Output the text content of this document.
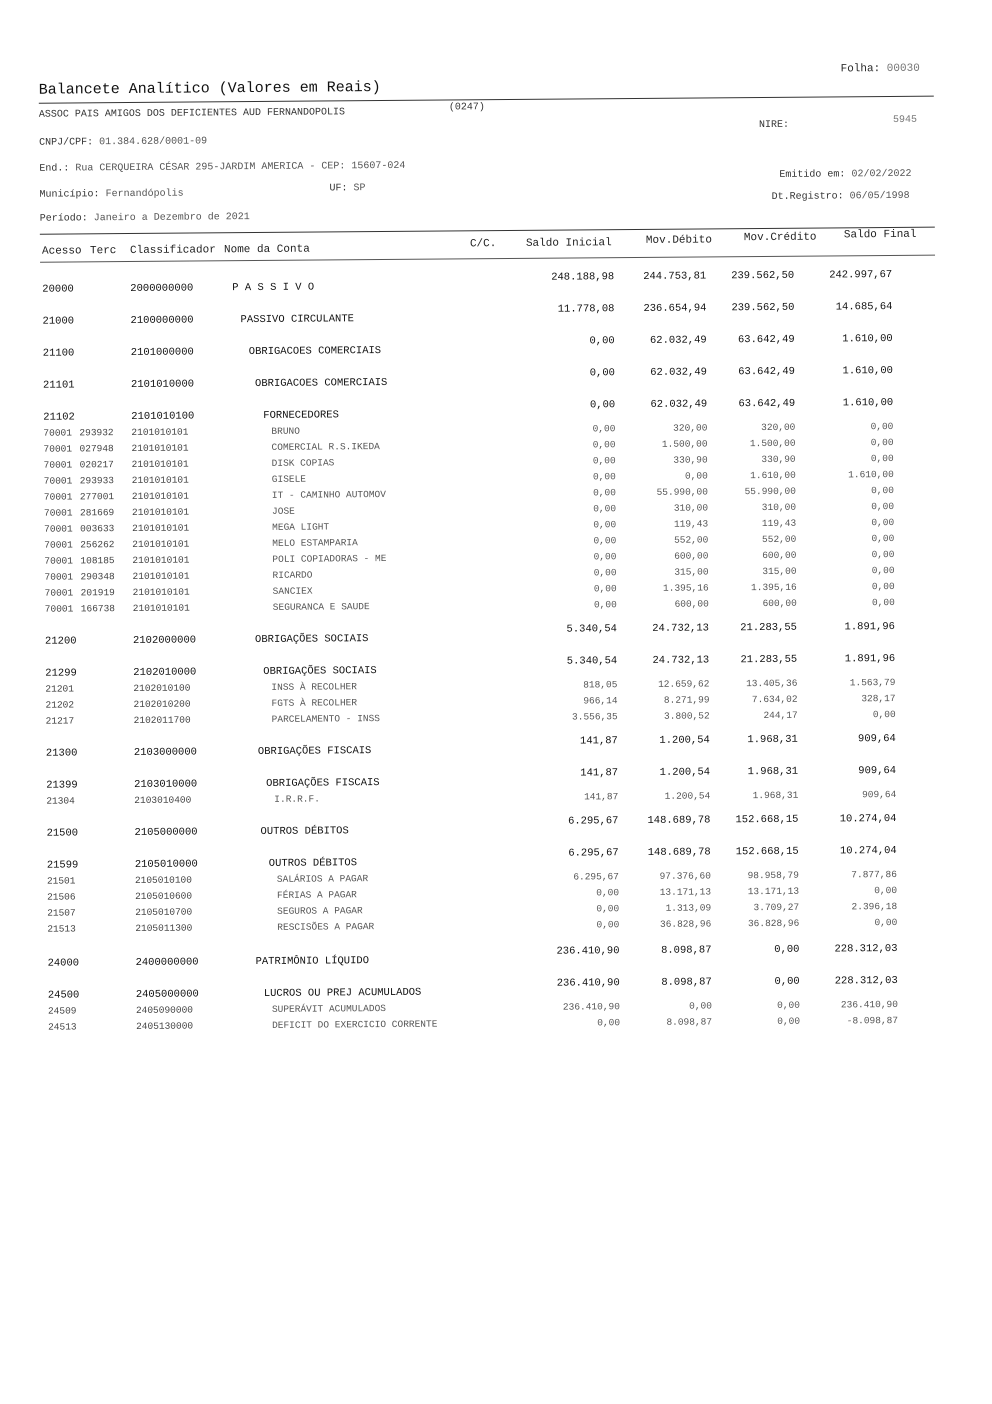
Folha: 00030
Balancete Analítico (Valores em Reais)
ASSOC PAIS AMIGOS DOS DEFICIENTES AUD FERNANDOPOLIS	(0247)
CNPJ/CPF: 01.384.628/0001-09
NIRE:	5945
End.: Rua CERQUEIRA CÉSAR 295-JARDIM AMERICA - CEP: 15607-024
Emitido em: 02/02/2022
Município: Fernandópolis	UF: SP
Dt.Registro: 06/05/1998
Período: Janeiro a Dezembro de 2021
Acesso Terc Classificador Nome da Conta	C/C.	Saldo Inicial	Mov.Débito	Mov.Crédito Saldo Final
20000	2000000000	P A S S I V O
248.188,98	244.753,81 239.562,50	242.997,67
21000	2100000000	PASSIVO CIRCULANTE
11.778,08	236.654,94 239.562,50	14.685,64
21100	2101000000	OBRIGACOES COMERCIAIS
0,00	62.032,49	63.642,49	1.610,00
21101	2101010000	OBRIGACOES COMERCIAIS
0,00	62.032,49	63.642,49	1.610,00
21102	2101010100	FORNECEDORES
0,00	62.032,49	63.642,49	1.610,00
70001 293932 2101010101	BRUNO	0,00	320,00	320,00	0,00
70001 027948 2101010101	COMERCIAL R.S.IKEDA	0,00	1.500,00	1.500,00	0,00
70001 020217 2101010101	DISK COPIAS	0,00	330,90	330,90	0,00
70001 293933 2101010101	GISELE	0,00	0,00	1.610,00	1.610,00
70001 277001 2101010101	IT - CAMINHO AUTOMOV	0,00	55.990,00	55.990,00	0,00
70001 281669 2101010101	JOSE	0,00	310,00	310,00	0,00
70001 003633 2101010101	MEGA LIGHT	0,00	119,43	119,43	0,00
70001 256262 2101010101	MELO ESTAMPARIA	0,00	552,00	552,00	0,00
70001 108185 2101010101	POLI COPIADORAS - ME	0,00	600,00	600,00	0,00
70001 290348 2101010101	RICARDO	0,00	315,00	315,00	0,00
70001 201919 2101010101	SANCIEX	0,00	1.395,16	1.395,16	0,00
70001 166738 2101010101	SEGURANCA E SAUDE	0,00	600,00	600,00	0,00
21200	2102000000	OBRIGAÇÕES SOCIAIS
5.340,54	24.732,13	21.283,55	1.891,96
21299	2102010000	OBRIGAÇÕES SOCIAIS
5.340,54	24.732,13	21.283,55	1.891,96
21201	2102010100	INSS À RECOLHER	818,05	12.659,62	13.405,36	1.563,79
21202	2102010200	FGTS À RECOLHER	966,14	8.271,99	7.634,02	328,17
21217	2102011700	PARCELAMENTO - INSS	3.556,35	3.800,52	244,17	0,00
21300	2103000000	OBRIGAÇÕES FISCAIS
141,87	1.200,54	1.968,31	909,64
21399	2103010000	OBRIGAÇÕES FISCAIS
141,87	1.200,54	1.968,31	909,64
21304	2103010400	I.R.R.F.	141,87	1.200,54	1.968,31	909,64
21500	2105000000	OUTROS DÉBITOS
6.295,67	148.689,78 152.668,15	10.274,04
21599	2105010000	OUTROS DÉBITOS
6.295,67	148.689,78 152.668,15	10.274,04
21501	2105010100	SALÁRIOS A PAGAR	6.295,67	97.376,60	98.958,79	7.877,86
21506	2105010600	FÉRIAS A PAGAR	0,00	13.171,13	13.171,13	0,00
21507	2105010700	SEGUROS A PAGAR	0,00	1.313,09	3.709,27	2.396,18
21513	2105011300	RESCISÕES A PAGAR	0,00	36.828,96	36.828,96	0,00
24000	2400000000	PATRIMÔNIO LÍQUIDO
236.410,90	8.098,87	0,00	228.312,03
24500	2405000000	LUCROS OU PREJ ACUMULADOS
236.410,90	8.098,87	0,00	228.312,03
24509	2405090000	SUPERÁVIT ACUMULADOS	236.410,90	0,00	0,00	236.410,90
24513	2405130000	DEFICIT DO EXERCICIO CORRENTE	0,00	8.098,87	0,00	-8.098,87
